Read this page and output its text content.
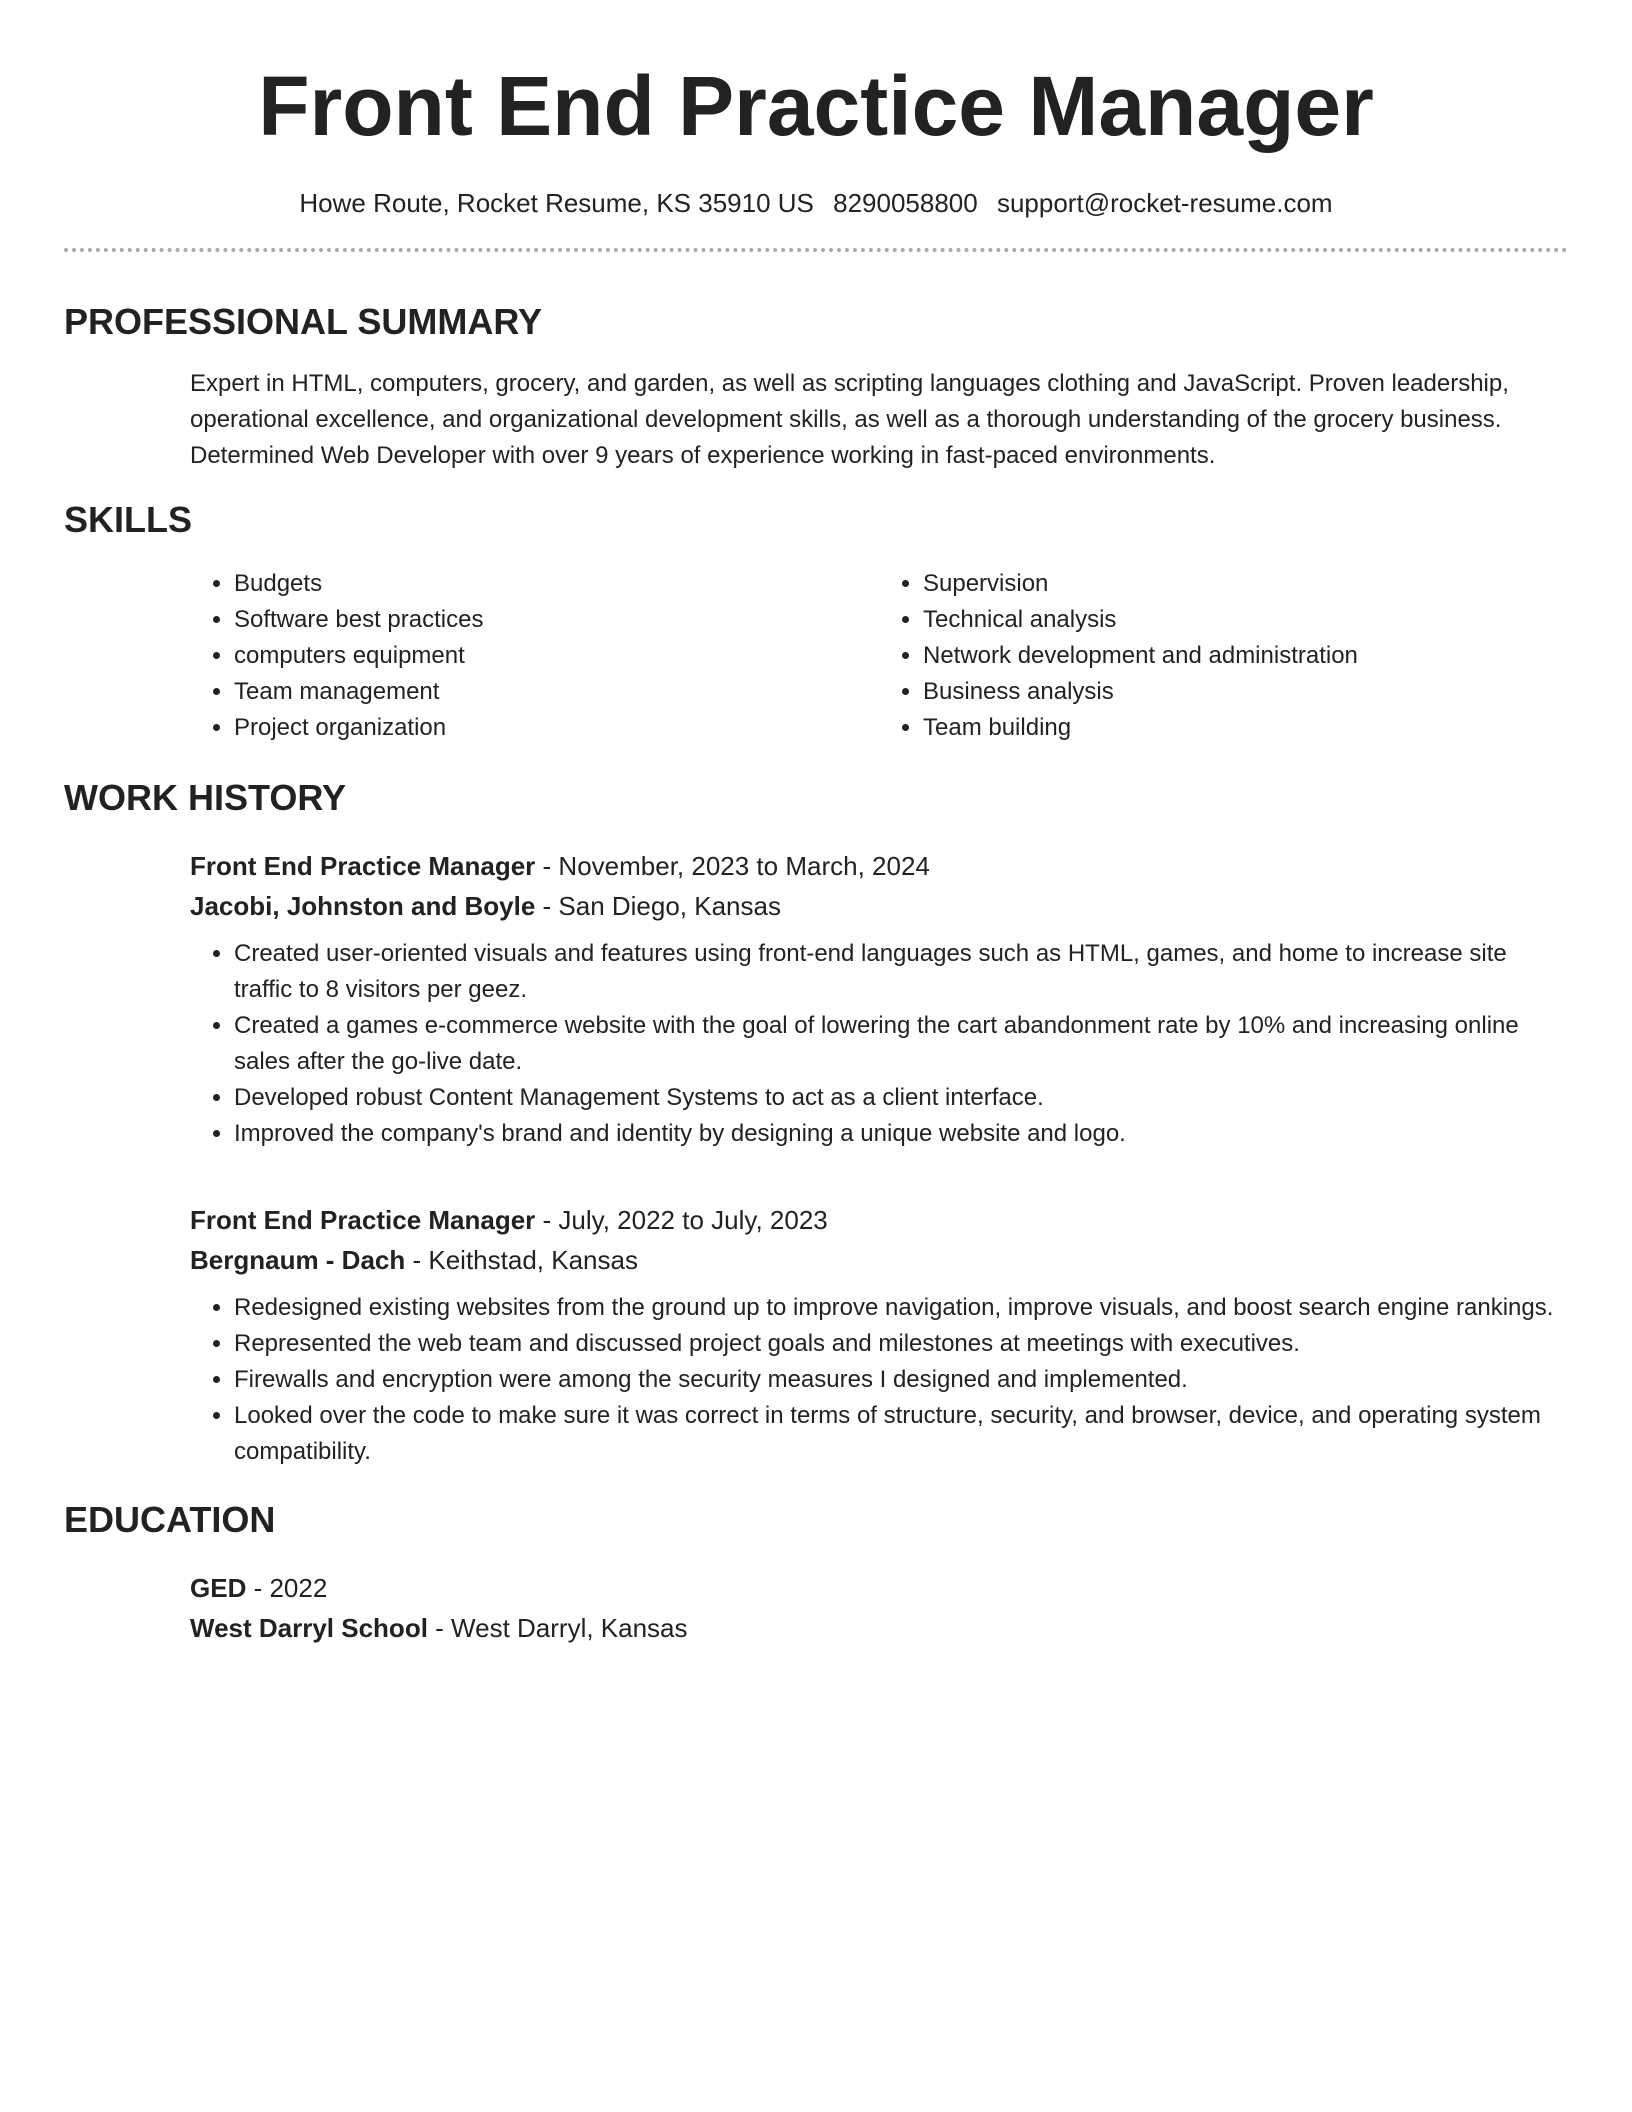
Front End Practice Manager
Howe Route, Rocket Resume, KS 35910 US 8290058800 support@rocket-resume.com
PROFESSIONAL SUMMARY
Expert in HTML, computers, grocery, and garden, as well as scripting languages clothing and JavaScript. Proven leadership, operational excellence, and organizational development skills, as well as a thorough understanding of the grocery business. Determined Web Developer with over 9 years of experience working in fast-paced environments.
SKILLS
• Budgets
• Software best practices
• computers equipment
• Team management
• Project organization
• Supervision
• Technical analysis
• Network development and administration
• Business analysis
• Team building
WORK HISTORY
Front End Practice Manager - November, 2023 to March, 2024
Jacobi, Johnston and Boyle - San Diego, Kansas
• Created user-oriented visuals and features using front-end languages such as HTML, games, and home to increase site traffic to 8 visitors per geez.
• Created a games e-commerce website with the goal of lowering the cart abandonment rate by 10% and increasing online sales after the go-live date.
• Developed robust Content Management Systems to act as a client interface.
• Improved the company's brand and identity by designing a unique website and logo.
Front End Practice Manager - July, 2022 to July, 2023
Bergnaum - Dach - Keithstad, Kansas
• Redesigned existing websites from the ground up to improve navigation, improve visuals, and boost search engine rankings.
• Represented the web team and discussed project goals and milestones at meetings with executives.
• Firewalls and encryption were among the security measures I designed and implemented.
• Looked over the code to make sure it was correct in terms of structure, security, and browser, device, and operating system compatibility.
EDUCATION
GED - 2022
West Darryl School - West Darryl, Kansas
